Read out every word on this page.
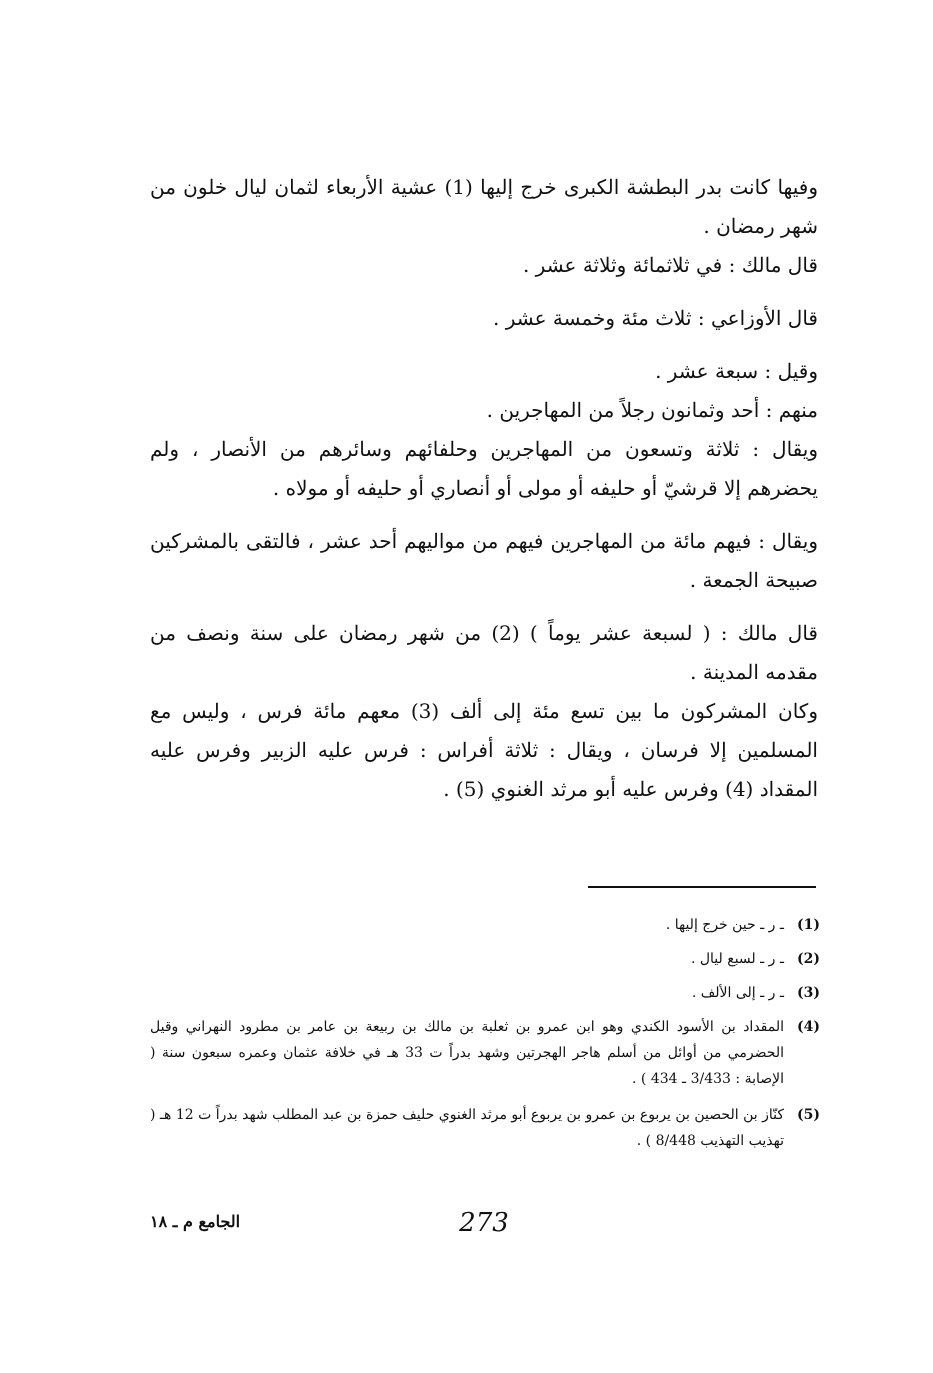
وفيها كانت بدر البطشة الكبرى خرج إليها (1) عشية الأربعاء لثمان ليال خلون من شهر رمضان .

قال مالك : في ثلاثمائة وثلاثة عشر .

قال الأوزاعي : ثلاث مئة وخمسة عشر .

وقيل : سبعة عشر .

منهم : أحد وثمانون رجلاً من المهاجرين .

ويقال : ثلاثة وتسعون من المهاجرين وحلفائهم وسائرهم من الأنصار ، ولم يحضرهم إلا قرشيّ أو حليفه أو مولى أو أنصاري أو حليفه أو مولاه .

ويقال : فيهم مائة من المهاجرين فيهم من مواليهم أحد عشر ، فالتقى بالمشركين صبيحة الجمعة .

قال مالك : ( لسبعة عشر يوماً ) (2) من شهر رمضان على سنة ونصف من مقدمه المدينة .

وكان المشركون ما بين تسع مئة إلى ألف (3) معهم مائة فرس ، وليس مع المسلمين إلا فرسان ، ويقال : ثلاثة أفراس : فرس عليه الزبير وفرس عليه المقداد (4) وفرس عليه أبو مرثد الغنوي (5) .

(1)
ـ ر ـ حين خرج إليها .
(2)
ـ ر ـ لسبع ليال .
(3)
ـ ر ـ إلى الألف .
(4)
المقداد بن الأسود الكندي وهو ابن عمرو بن ثعلبة بن مالك بن ربيعة بن عامر بن مطرود النهراني وقيل الحضرمي من أوائل من أسلم هاجر الهجرتين وشهد بدراً ت 33 هـ في خلافة عثمان وعمره سبعون سنة ( الإصابة : 3/433 ـ 434 ) .
(5)
كنّاز بن الحصين بن يربوع بن عمرو بن يربوع أبو مرثد الغنوي حليف حمزة بن عبد المطلب شهد بدراً ت 12 هـ ( تهذيب التهذيب 8/448 ) .
الجامع م ـ ١٨	273
